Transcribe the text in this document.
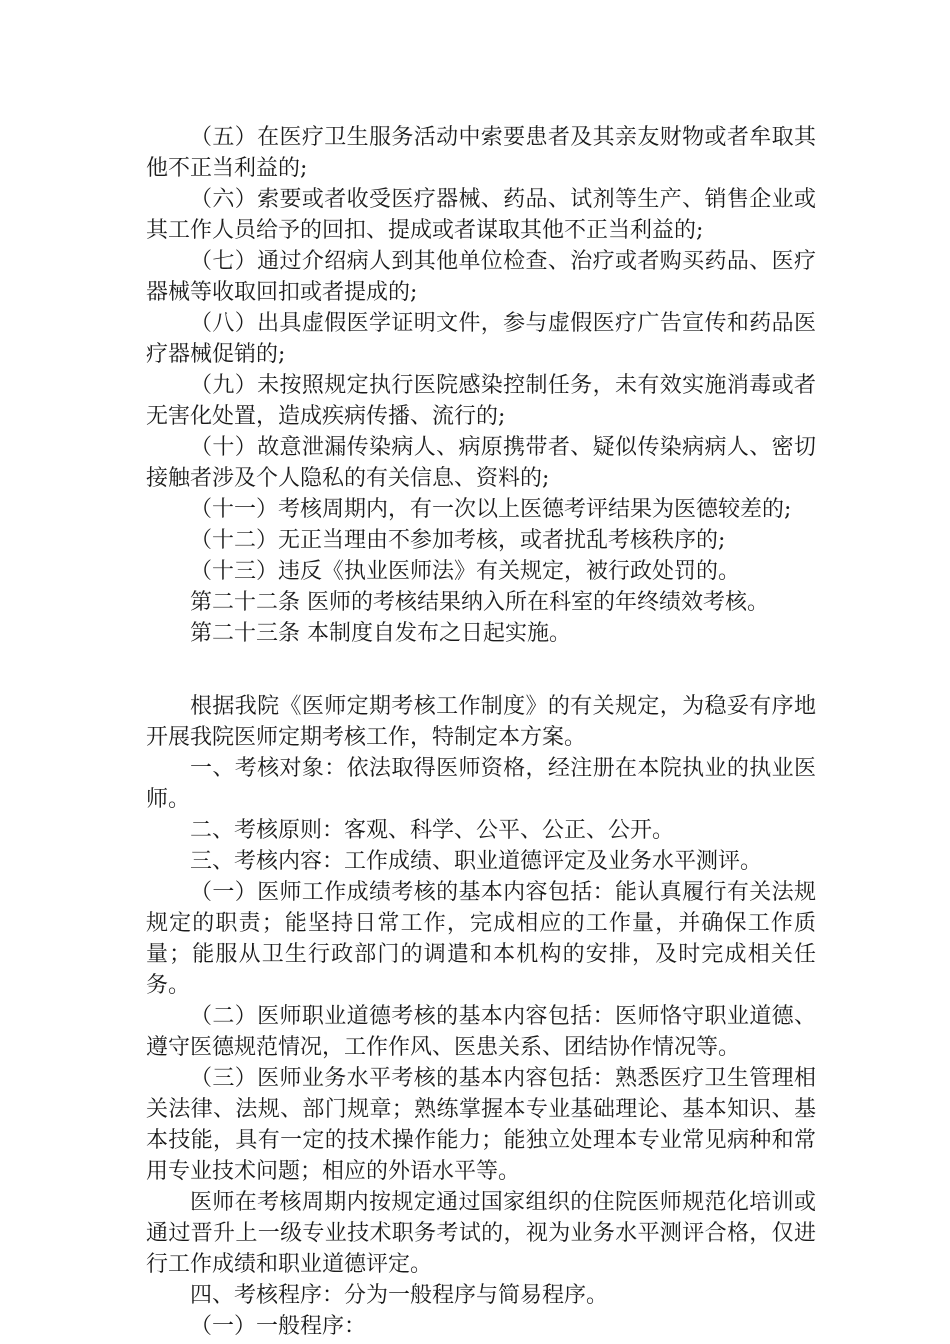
（五）在医疗卫生服务活动中索要患者及其亲友财物或者牟取其他不正当利益的;

（六）索要或者收受医疗器械、药品、试剂等生产、销售企业或其工作人员给予的回扣、提成或者谋取其他不正当利益的;

（七）通过介绍病人到其他单位检查、治疗或者购买药品、医疗器械等收取回扣或者提成的;

（八）出具虚假医学证明文件，参与虚假医疗广告宣传和药品医疗器械促销的;

（九）未按照规定执行医院感染控制任务，未有效实施消毒或者无害化处置，造成疾病传播、流行的;

（十）故意泄漏传染病人、病原携带者、疑似传染病病人、密切接触者涉及个人隐私的有关信息、资料的;

（十一）考核周期内，有一次以上医德考评结果为医德较差的;

（十二）无正当理由不参加考核，或者扰乱考核秩序的;

（十三）违反《执业医师法》有关规定，被行政处罚的。

第二十二条 医师的考核结果纳入所在科室的年终绩效考核。

第二十三条 本制度自发布之日起实施。

根据我院《医师定期考核工作制度》的有关规定，为稳妥有序地开展我院医师定期考核工作，特制定本方案。

一、考核对象：依法取得医师资格，经注册在本院执业的执业医师。

二、考核原则：客观、科学、公平、公正、公开。

三、考核内容：工作成绩、职业道德评定及业务水平测评。

（一）医师工作成绩考核的基本内容包括：能认真履行有关法规规定的职责；能坚持日常工作，完成相应的工作量，并确保工作质量；能服从卫生行政部门的调遣和本机构的安排，及时完成相关任务。

（二）医师职业道德考核的基本内容包括：医师恪守职业道德、遵守医德规范情况，工作作风、医患关系、团结协作情况等。

（三）医师业务水平考核的基本内容包括：熟悉医疗卫生管理相关法律、法规、部门规章；熟练掌握本专业基础理论、基本知识、基本技能，具有一定的技术操作能力；能独立处理本专业常见病种和常用专业技术问题；相应的外语水平等。

医师在考核周期内按规定通过国家组织的住院医师规范化培训或通过晋升上一级专业技术职务考试的，视为业务水平测评合格，仅进行工作成绩和职业道德评定。

四、考核程序：分为一般程序与简易程序。

（一）一般程序：
